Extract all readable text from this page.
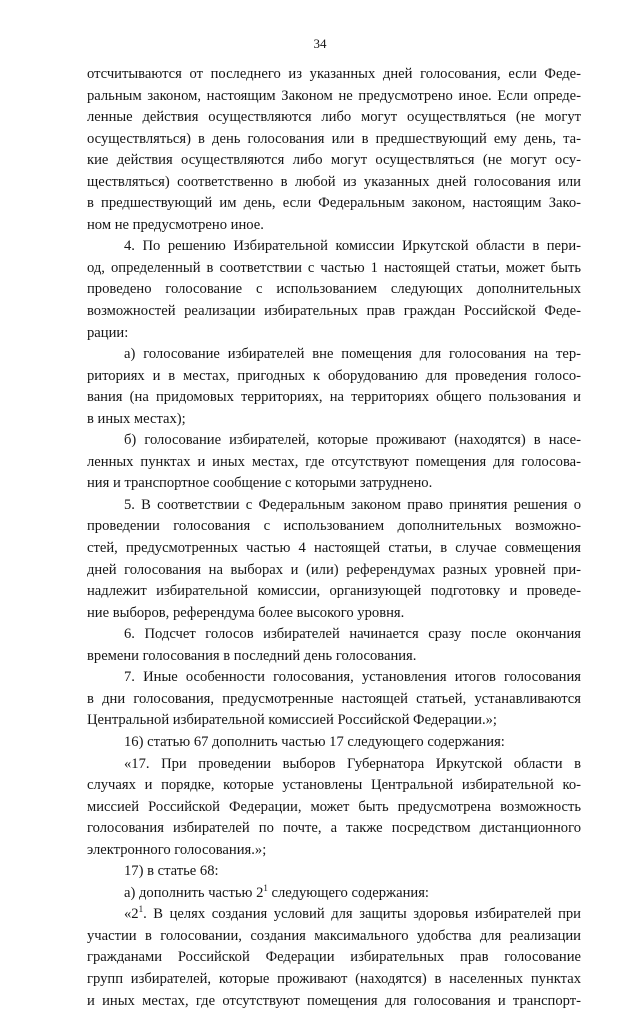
34
отсчитываются от последнего из указанных дней голосования, если Феде-
ральным законом, настоящим Законом не предусмотрено иное. Если опреде-
ленные действия осуществляются либо могут осуществляться (не могут
осуществляться) в день голосования или в предшествующий ему день, та-
кие действия осуществляются либо могут осуществляться (не могут осу-
ществляться) соответственно в любой из указанных дней голосования или
в предшествующий им день, если Федеральным законом, настоящим Зако-
ном не предусмотрено иное.
4. По решению Избирательной комиссии Иркутской области в пери-
од, определенный в соответствии с частью 1 настоящей статьи, может быть
проведено голосование с использованием следующих дополнительных
возможностей реализации избирательных прав граждан Российской Феде-
рации:
а) голосование избирателей вне помещения для голосования на тер-
риториях и в местах, пригодных к оборудованию для проведения голосо-
вания (на придомовых территориях, на территориях общего пользования и
в иных местах);
б) голосование избирателей, которые проживают (находятся) в насе-
ленных пунктах и иных местах, где отсутствуют помещения для голосова-
ния и транспортное сообщение с которыми затруднено.
5. В соответствии с Федеральным законом право принятия решения о
проведении голосования с использованием дополнительных возможно-
стей, предусмотренных частью 4 настоящей статьи, в случае совмещения
дней голосования на выборах и (или) референдумах разных уровней при-
надлежит избирательной комиссии, организующей подготовку и проведе-
ние выборов, референдума более высокого уровня.
6. Подсчет голосов избирателей начинается сразу после окончания
времени голосования в последний день голосования.
7. Иные особенности голосования, установления итогов голосования
в дни голосования, предусмотренные настоящей статьей, устанавливаются
Центральной избирательной комиссией Российской Федерации.»;
16) статью 67 дополнить частью 17 следующего содержания:
«17. При проведении выборов Губернатора Иркутской области в
случаях и порядке, которые установлены Центральной избирательной ко-
миссией Российской Федерации, может быть предусмотрена возможность
голосования избирателей по почте, а также посредством дистанционного
электронного голосования.»;
17) в статье 68:
а) дополнить частью $2^1$ следующего содержания:
«$2^1$. В целях создания условий для защиты здоровья избирателей при
участии в голосовании, создания максимального удобства для реализации
гражданами Российской Федерации избирательных прав голосование
групп избирателей, которые проживают (находятся) в населенных пунктах
и иных местах, где отсутствуют помещения для голосования и транспорт-
